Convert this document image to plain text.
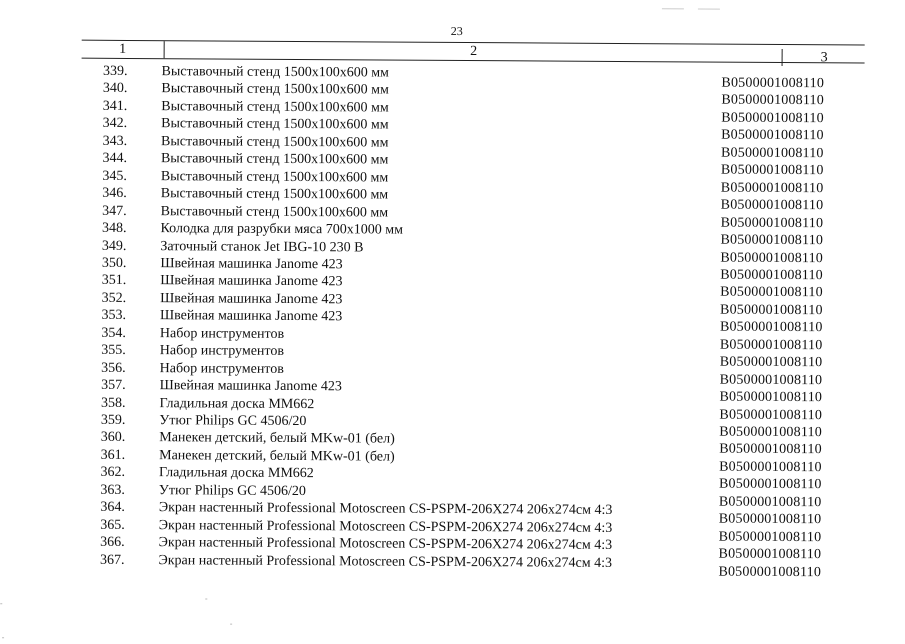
23
1	2	3
339. Выставочный стенд 1500х100х600 мм
B0500001008110
340. Выставочный стенд 1500х100х600 мм
B0500001008110
341. Выставочный стенд 1500х100х600 мм
B0500001008110
342. Выставочный стенд 1500х100х600 мм
B0500001008110
343. Выставочный стенд 1500х100х600 мм
B0500001008110
344. Выставочный стенд 1500х100х600 мм
B0500001008110
345. Выставочный стенд 1500х100х600 мм
B0500001008110
346. Выставочный стенд 1500х100х600 мм
B0500001008110
347. Выставочный стенд 1500х100х600 мм
B0500001008110
348. Колодка для разрубки мяса 700х1000 мм
B0500001008110
349. Заточный станок Jet IBG-10 230 В
B0500001008110
350. Швейная машинка Janome 423
B0500001008110
351. Швейная машинка Janome 423
B0500001008110
352. Швейная машинка Janome 423
B0500001008110
353. Швейная машинка Janome 423
B0500001008110
354. Набор инструментов
B0500001008110
355. Набор инструментов
B0500001008110
356. Набор инструментов
B0500001008110
357. Швейная машинка Janome 423
B0500001008110
358. Гладильная доска ММ662
B0500001008110
359. Утюг Philips GC 4506/20
B0500001008110
360. Манекен детский, белый MKw-01 (бел)
B0500001008110
361. Манекен детский, белый MKw-01 (бел)
B0500001008110
362. Гладильная доска ММ662
B0500001008110
363. Утюг Philips GC 4506/20
B0500001008110
364. Экран настенный Professional Motoscreen CS-PSPM-206X274 206х274см 4:3
B0500001008110
365. Экран настенный Professional Motoscreen CS-PSPM-206X274 206х274см 4:3
B0500001008110
366. Экран настенный Professional Motoscreen CS-PSPM-206X274 206х274см 4:3
B0500001008110
367. Экран настенный Professional Motoscreen CS-PSPM-206X274 206х274см 4:3
B0500001008110
